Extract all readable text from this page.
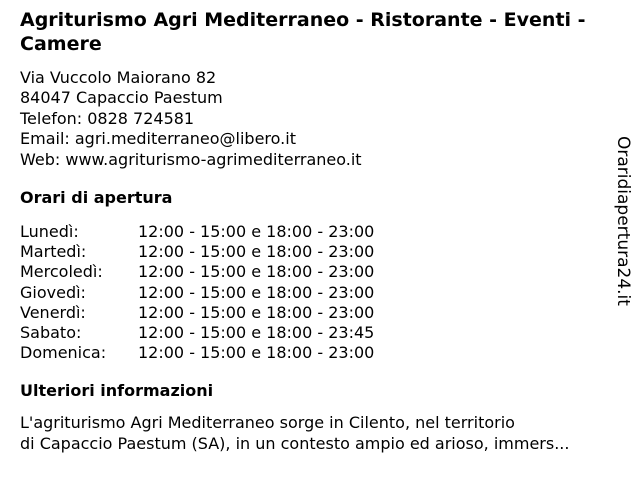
Agriturismo Agri Mediterraneo - Ristorante - Eventi - Camere
Via Vuccolo Maiorano 82
84047 Capaccio Paestum
Telefon: 0828 724581
Email: agri.mediterraneo@libero.it
Web: www.agriturismo-agrimediterraneo.it
Orari di apertura
Lunedì:	12:00 - 15:00 e 18:00 - 23:00
Martedì:	12:00 - 15:00 e 18:00 - 23:00
Mercoledì: 12:00 - 15:00 e 18:00 - 23:00
Giovedì:	12:00 - 15:00 e 18:00 - 23:00
Venerdì:	12:00 - 15:00 e 18:00 - 23:00
Sabato:	12:00 - 15:00 e 18:00 - 23:45
Domenica: 12:00 - 15:00 e 18:00 - 23:00
Ulteriori informazioni
L'agriturismo Agri Mediterraneo sorge in Cilento, nel territorio
di Capaccio Paestum (SA), in un contesto ampio ed arioso, immers...
Oraridiapertura24.it
